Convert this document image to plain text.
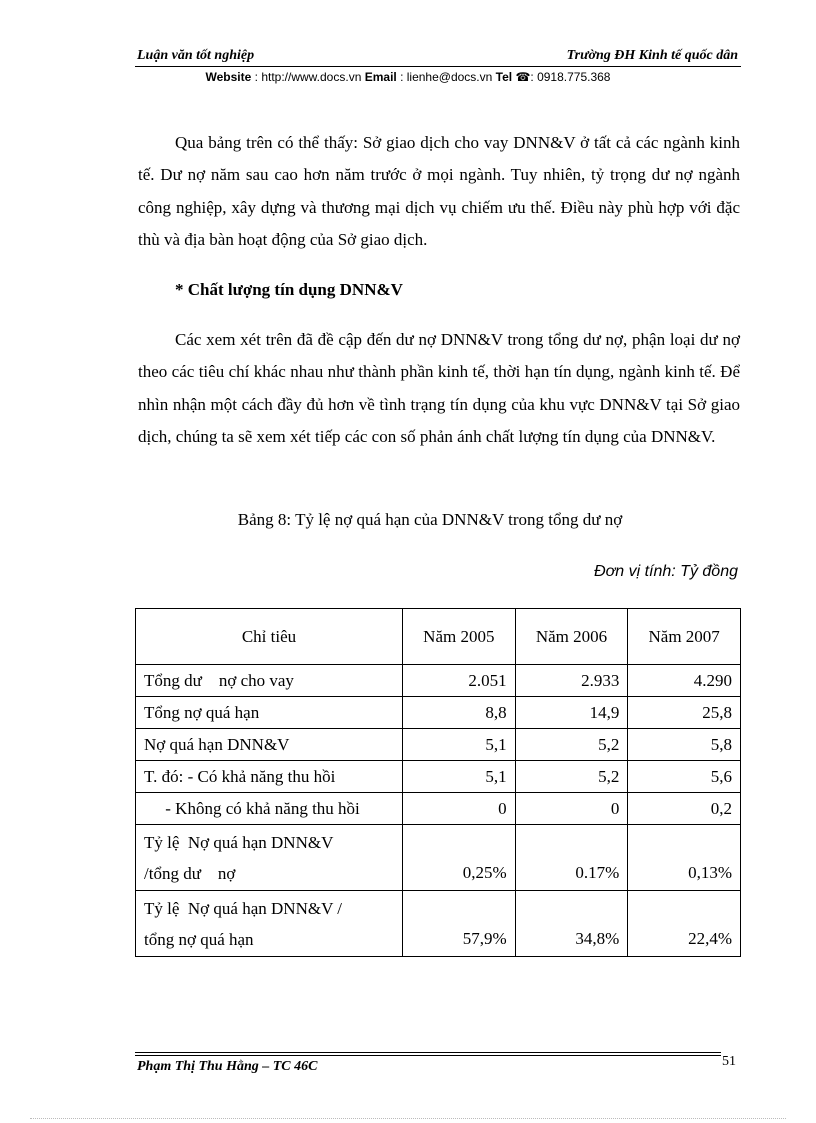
Luận văn tốt nghiệp	Trường ĐH Kinh tế quốc dân
Website : http://www.docs.vn Email : lienhe@docs.vn Tel ☎: 0918.775.368

Qua bảng trên có thể thấy: Sở giao dịch cho vay DNN&V ở tất cả các ngành kinh tế. Dư nợ năm sau cao hơn năm trước ở mọi ngành. Tuy nhiên, tỷ trọng dư nợ ngành công nghiệp, xây dựng và thương mại dịch vụ chiếm ưu thế. Điều này phù hợp với đặc thù và địa bàn hoạt động của Sở giao dịch.

* Chất lượng tín dụng DNN&V

Các xem xét trên đã đề cập đến dư nợ DNN&V trong tổng dư nợ, phận loại dư nợ theo các tiêu chí khác nhau như thành phần kinh tế, thời hạn tín dụng, ngành kinh tế. Để nhìn nhận một cách đầy đủ hơn về tình trạng tín dụng của khu vực DNN&V tại Sở giao dịch, chúng ta sẽ xem xét tiếp các con số phản ánh chất lượng tín dụng của DNN&V.

Bảng 8: Tỷ lệ nợ quá hạn của DNN&V trong tổng dư nợ
Đơn vị tính: Tỷ đồng
Chỉ tiêu	Năm 2005	Năm 2006	Năm 2007
Tổng dư    nợ cho vay	2.051	2.933	4.290
Tổng nợ quá hạn	8,8	14,9	25,8
Nợ quá hạn DNN&V	5,1	5,2	5,8
T. đó: - Có khả năng thu hồi	5,1	5,2	5,6
- Không có khả năng thu hồi	0	0	0,2

Tỷ lệ  Nợ quá hạn DNN&V
/tổng dư    nợ	0,25%	0.17%	0,13%

Tỷ lệ  Nợ quá hạn DNN&V /
tổng nợ quá hạn	57,9%	34,8%	22,4%
Phạm Thị Thu Hằng – TC 46C	51
